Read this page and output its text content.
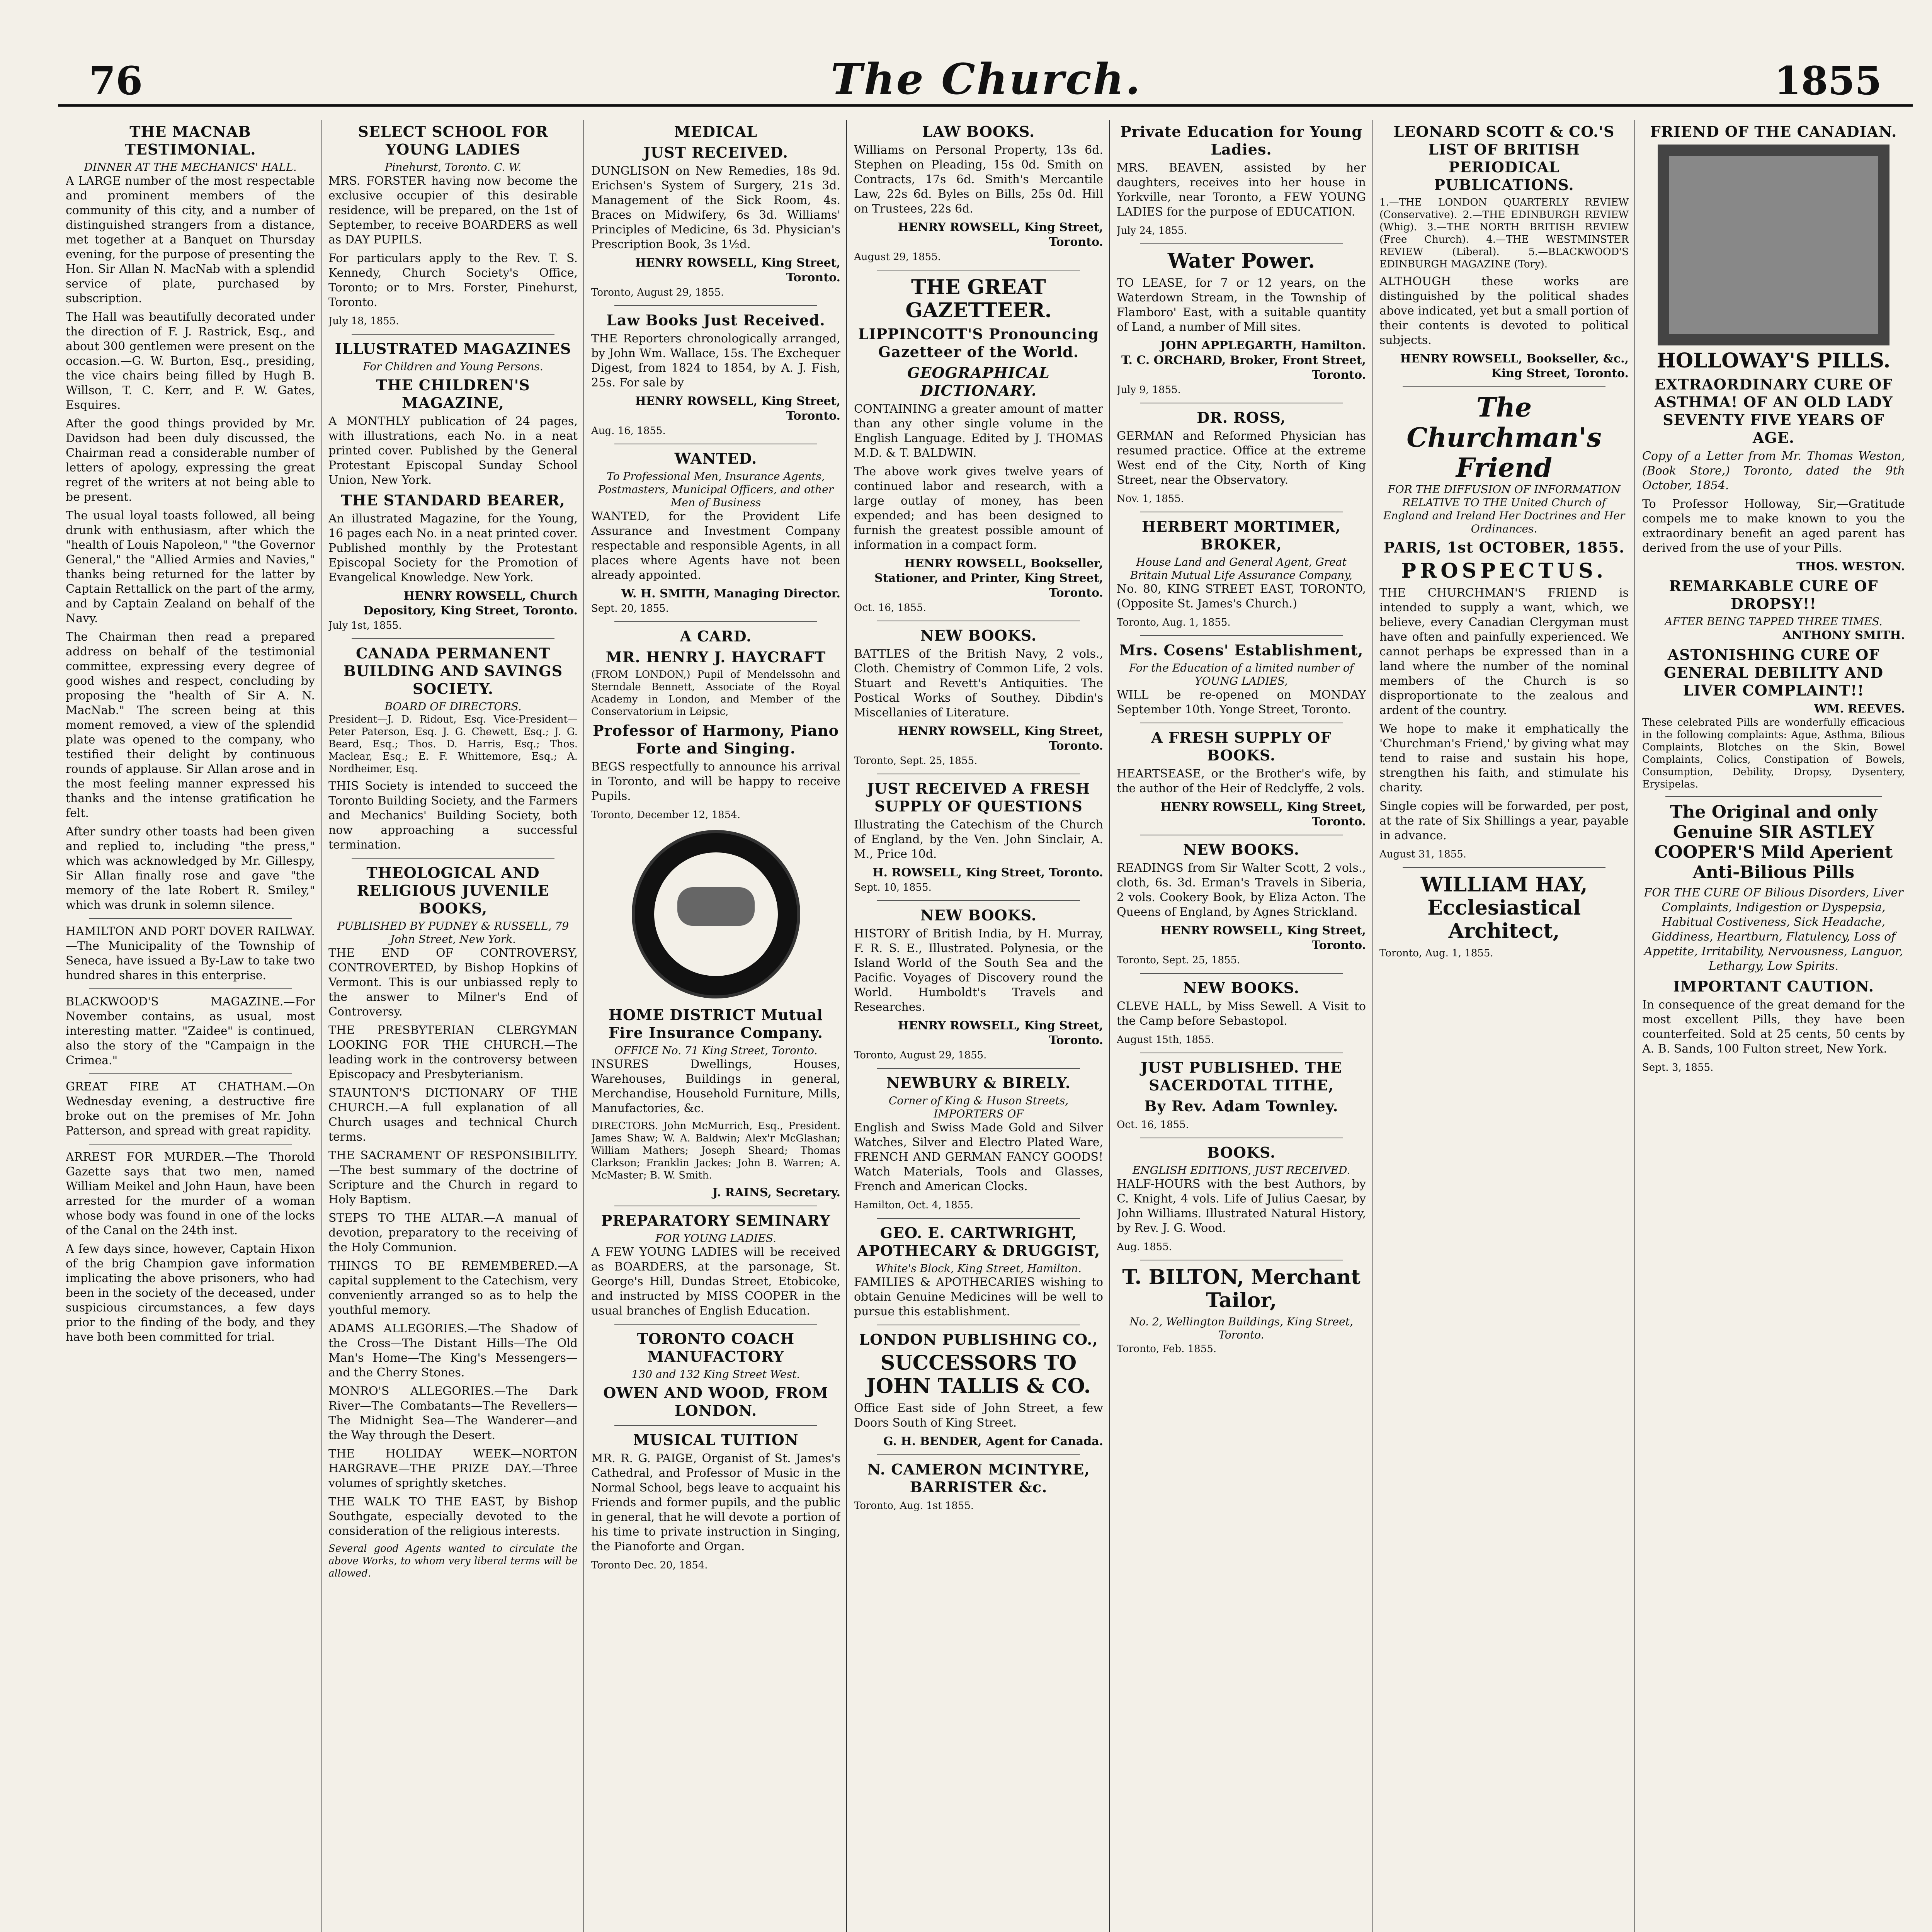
76	The Church.	1855
THE MACNAB TESTIMONIAL.
DINNER AT THE MECHANICS' HALL.

A LARGE number of the most respectable and prominent members of the community of this city, and a number of distinguished strangers from a distance, met together at a Banquet on Thursday evening, for the purpose of presenting the Hon. Sir Allan N. MacNab with a splendid service of plate, purchased by subscription.

The Hall was beautifully decorated under the direction of F. J. Rastrick, Esq., and about 300 gentlemen were present on the occasion.—G. W. Burton, Esq., presiding, the vice chairs being filled by Hugh B. Willson, T. C. Kerr, and F. W. Gates, Esquires.

After the good things provided by Mr. Davidson had been duly discussed, the Chairman read a considerable number of letters of apology, expressing the great regret of the writers at not being able to be present.

The usual loyal toasts followed, all being drunk with enthusiasm, after which the "health of Louis Napoleon," "the Governor General," the "Allied Armies and Navies," thanks being returned for the latter by Captain Rettallick on the part of the army, and by Captain Zealand on behalf of the Navy.

The Chairman then read a prepared address on behalf of the testimonial committee, expressing every degree of good wishes and respect, concluding by proposing the "health of Sir A. N. MacNab." The screen being at this moment removed, a view of the splendid plate was opened to the company, who testified their delight by continuous rounds of applause. Sir Allan arose and in the most feeling manner expressed his thanks and the intense gratification he felt.

After sundry other toasts had been given and replied to, including "the press," which was acknowledged by Mr. Gillespy, Sir Allan finally rose and gave "the memory of the late Robert R. Smiley," which was drunk in solemn silence.

HAMILTON AND PORT DOVER RAILWAY.—The Municipality of the Township of Seneca, have issued a By-Law to take two hundred shares in this enterprise.

BLACKWOOD'S MAGAZINE.—For November contains, as usual, most interesting matter. "Zaidee" is continued, also the story of the "Campaign in the Crimea."

GREAT FIRE AT CHATHAM.—On Wednesday evening, a destructive fire broke out on the premises of Mr. John Patterson, and spread with great rapidity.

ARREST FOR MURDER.—The Thorold Gazette says that two men, named William Meikel and John Haun, have been arrested for the murder of a woman whose body was found in one of the locks of the Canal on the 24th inst.

A few days since, however, Captain Hixon of the brig Champion gave information implicating the above prisoners, who had been in the society of the deceased, under suspicious circumstances, a few days prior to the finding of the body, and they have both been committed for trial.

SELECT SCHOOL FOR YOUNG LADIES
Pinehurst, Toronto. C. W.

MRS. FORSTER having now become the exclusive occupier of this desirable residence, will be prepared, on the 1st of September, to receive BOARDERS as well as DAY PUPILS.

For particulars apply to the Rev. T. S. Kennedy, Church Society's Office, Toronto; or to Mrs. Forster, Pinehurst, Toronto.

July 18, 1855.
ILLUSTRATED MAGAZINES
For Children and Young Persons.
THE CHILDREN'S MAGAZINE,

A MONTHLY publication of 24 pages, with illustrations, each No. in a neat printed cover. Published by the General Protestant Episcopal Sunday School Union, New York.

THE STANDARD BEARER,

An illustrated Magazine, for the Young, 16 pages each No. in a neat printed cover. Published monthly by the Protestant Episcopal Society for the Promotion of Evangelical Knowledge. New York.

HENRY ROWSELL, Church Depository, King Street, Toronto.
July 1st, 1855.
CANADA PERMANENT BUILDING AND SAVINGS SOCIETY.
BOARD OF DIRECTORS.

President—J. D. Ridout, Esq. Vice-President—Peter Paterson, Esq. J. G. Chewett, Esq.; J. G. Beard, Esq.; Thos. D. Harris, Esq.; Thos. Maclear, Esq.; E. F. Whittemore, Esq.; A. Nordheimer, Esq.

THIS Society is intended to succeed the Toronto Building Society, and the Farmers and Mechanics' Building Society, both now approaching a successful termination.

THEOLOGICAL AND RELIGIOUS JUVENILE BOOKS,
PUBLISHED BY PUDNEY & RUSSELL, 79 John Street, New York.

THE END OF CONTROVERSY, CONTROVERTED, by Bishop Hopkins of Vermont. This is our unbiassed reply to the answer to Milner's End of Controversy.

THE PRESBYTERIAN CLERGYMAN LOOKING FOR THE CHURCH.—The leading work in the controversy between Episcopacy and Presbyterianism.

STAUNTON'S DICTIONARY OF THE CHURCH.—A full explanation of all Church usages and technical Church terms.

THE SACRAMENT OF RESPONSIBILITY.—The best summary of the doctrine of Scripture and the Church in regard to Holy Baptism.

STEPS TO THE ALTAR.—A manual of devotion, preparatory to the receiving of the Holy Communion.

THINGS TO BE REMEMBERED.—A capital supplement to the Catechism, very conveniently arranged so as to help the youthful memory.

ADAMS ALLEGORIES.—The Shadow of the Cross—The Distant Hills—The Old Man's Home—The King's Messengers—and the Cherry Stones.

MONRO'S ALLEGORIES.—The Dark River—The Combatants—The Revellers—The Midnight Sea—The Wanderer—and the Way through the Desert.

THE HOLIDAY WEEK—NORTON HARGRAVE—THE PRIZE DAY.—Three volumes of sprightly sketches.

THE WALK TO THE EAST, by Bishop Southgate, especially devoted to the consideration of the religious interests.

Several good Agents wanted to circulate the above Works, to whom very liberal terms will be allowed.

MEDICAL
JUST RECEIVED.

DUNGLISON on New Remedies, 18s 9d. Erichsen's System of Surgery, 21s 3d. Management of the Sick Room, 4s. Braces on Midwifery, 6s 3d. Williams' Principles of Medicine, 6s 3d. Physician's Prescription Book, 3s 1½d.

HENRY ROWSELL, King Street, Toronto.
Toronto, August 29, 1855.
Law Books Just Received.

THE Reporters chronologically arranged, by John Wm. Wallace, 15s. The Exchequer Digest, from 1824 to 1854, by A. J. Fish, 25s. For sale by

HENRY ROWSELL, King Street, Toronto.
Aug. 16, 1855.
WANTED.
To Professional Men, Insurance Agents, Postmasters, Municipal Officers, and other Men of Business

WANTED, for the Provident Life Assurance and Investment Company respectable and responsible Agents, in all places where Agents have not been already appointed.

W. H. SMITH, Managing Director.
Sept. 20, 1855.
A CARD.
MR. HENRY J. HAYCRAFT

(FROM LONDON,) Pupil of Mendelssohn and Sterndale Bennett, Associate of the Royal Academy in London, and Member of the Conservatorium in Leipsic,

Professor of Harmony, Piano Forte and Singing.

BEGS respectfully to announce his arrival in Toronto, and will be happy to receive Pupils.

Toronto, December 12, 1854.
HOME DISTRICT Mutual Fire Insurance Company.
OFFICE No. 71 King Street, Toronto.

INSURES Dwellings, Houses, Warehouses, Buildings in general, Merchandise, Household Furniture, Mills, Manufactories, &c.

DIRECTORS. John McMurrich, Esq., President. James Shaw; W. A. Baldwin; Alex'r McGlashan; William Mathers; Joseph Sheard; Thomas Clarkson; Franklin Jackes; John B. Warren; A. McMaster; B. W. Smith.

J. RAINS, Secretary.
PREPARATORY SEMINARY
FOR YOUNG LADIES.

A FEW YOUNG LADIES will be received as BOARDERS, at the parsonage, St. George's Hill, Dundas Street, Etobicoke, and instructed by MISS COOPER in the usual branches of English Education.

TORONTO COACH MANUFACTORY
130 and 132 King Street West.
OWEN AND WOOD, FROM LONDON.
MUSICAL TUITION

MR. R. G. PAIGE, Organist of St. James's Cathedral, and Professor of Music in the Normal School, begs leave to acquaint his Friends and former pupils, and the public in general, that he will devote a portion of his time to private instruction in Singing, the Pianoforte and Organ.

Toronto Dec. 20, 1854.
LAW BOOKS.

Williams on Personal Property, 13s 6d. Stephen on Pleading, 15s 0d. Smith on Contracts, 17s 6d. Smith's Mercantile Law, 22s 6d. Byles on Bills, 25s 0d. Hill on Trustees, 22s 6d.

HENRY ROWSELL, King Street, Toronto.
August 29, 1855.
THE GREAT GAZETTEER.
LIPPINCOTT'S Pronouncing Gazetteer of the World.
GEOGRAPHICAL DICTIONARY.

CONTAINING a greater amount of matter than any other single volume in the English Language. Edited by J. THOMAS M.D. & T. BALDWIN.

The above work gives twelve years of continued labor and research, with a large outlay of money, has been expended; and has been designed to furnish the greatest possible amount of information in a compact form.

HENRY ROWSELL, Bookseller, Stationer, and Printer, King Street, Toronto.
Oct. 16, 1855.
NEW BOOKS.

BATTLES of the British Navy, 2 vols., Cloth. Chemistry of Common Life, 2 vols. Stuart and Revett's Antiquities. The Postical Works of Southey. Dibdin's Miscellanies of Literature.

HENRY ROWSELL, King Street, Toronto.
Toronto, Sept. 25, 1855.
JUST RECEIVED A FRESH SUPPLY OF QUESTIONS

Illustrating the Catechism of the Church of England, by the Ven. John Sinclair, A. M., Price 10d.

H. ROWSELL, King Street, Toronto.
Sept. 10, 1855.
NEW BOOKS.

HISTORY of British India, by H. Murray, F. R. S. E., Illustrated. Polynesia, or the Island World of the South Sea and the Pacific. Voyages of Discovery round the World. Humboldt's Travels and Researches.

HENRY ROWSELL, King Street, Toronto.
Toronto, August 29, 1855.
NEWBURY & BIRELY.
Corner of King & Huson Streets, IMPORTERS OF

English and Swiss Made Gold and Silver Watches, Silver and Electro Plated Ware, FRENCH AND GERMAN FANCY GOODS! Watch Materials, Tools and Glasses, French and American Clocks.

Hamilton, Oct. 4, 1855.
GEO. E. CARTWRIGHT, APOTHECARY & DRUGGIST,
White's Block, King Street, Hamilton.

FAMILIES & APOTHECARIES wishing to obtain Genuine Medicines will be well to pursue this establishment.

LONDON PUBLISHING CO.,
SUCCESSORS TO JOHN TALLIS & CO.

Office East side of John Street, a few Doors South of King Street.

G. H. BENDER, Agent for Canada.
N. CAMERON MCINTYRE, BARRISTER &c.
Toronto, Aug. 1st 1855.
Private Education for Young Ladies.

MRS. BEAVEN, assisted by her daughters, receives into her house in Yorkville, near Toronto, a FEW YOUNG LADIES for the purpose of EDUCATION.

July 24, 1855.
Water Power.

TO LEASE, for 7 or 12 years, on the Waterdown Stream, in the Township of Flamboro' East, with a suitable quantity of Land, a number of Mill sites.

JOHN APPLEGARTH, Hamilton.
T. C. ORCHARD, Broker, Front Street, Toronto.
July 9, 1855.
DR. ROSS,

GERMAN and Reformed Physician has resumed practice. Office at the extreme West end of the City, North of King Street, near the Observatory.

Nov. 1, 1855.
HERBERT MORTIMER, BROKER,
House Land and General Agent, Great Britain Mutual Life Assurance Company,

No. 80, KING STREET EAST, TORONTO, (Opposite St. James's Church.)

Toronto, Aug. 1, 1855.
Mrs. Cosens' Establishment,
For the Education of a limited number of YOUNG LADIES,

WILL be re-opened on MONDAY September 10th. Yonge Street, Toronto.

A FRESH SUPPLY OF BOOKS.

HEARTSEASE, or the Brother's wife, by the author of the Heir of Redclyffe, 2 vols.

HENRY ROWSELL, King Street, Toronto.
NEW BOOKS.

READINGS from Sir Walter Scott, 2 vols., cloth, 6s. 3d. Erman's Travels in Siberia, 2 vols. Cookery Book, by Eliza Acton. The Queens of England, by Agnes Strickland.

HENRY ROWSELL, King Street, Toronto.
Toronto, Sept. 25, 1855.
NEW BOOKS.

CLEVE HALL, by Miss Sewell. A Visit to the Camp before Sebastopol.

August 15th, 1855.
JUST PUBLISHED. THE SACERDOTAL TITHE,
By Rev. Adam Townley.
Oct. 16, 1855.
BOOKS.
ENGLISH EDITIONS, JUST RECEIVED.

HALF-HOURS with the best Authors, by C. Knight, 4 vols. Life of Julius Caesar, by John Williams. Illustrated Natural History, by Rev. J. G. Wood.

Aug. 1855.
T. BILTON, Merchant Tailor,
No. 2, Wellington Buildings, King Street, Toronto.
Toronto, Feb. 1855.
LEONARD SCOTT & CO.'S LIST OF BRITISH PERIODICAL PUBLICATIONS.

1.—THE LONDON QUARTERLY REVIEW (Conservative). 2.—THE EDINBURGH REVIEW (Whig). 3.—THE NORTH BRITISH REVIEW (Free Church). 4.—THE WESTMINSTER REVIEW (Liberal). 5.—BLACKWOOD'S EDINBURGH MAGAZINE (Tory).

ALTHOUGH these works are distinguished by the political shades above indicated, yet but a small portion of their contents is devoted to political subjects.

HENRY ROWSELL, Bookseller, &c., King Street, Toronto.
The Churchman's Friend
FOR THE DIFFUSION OF INFORMATION RELATIVE TO THE United Church of England and Ireland Her Doctrines and Her Ordinances.
PARIS, 1st OCTOBER, 1855.
PROSPECTUS.

THE CHURCHMAN'S FRIEND is intended to supply a want, which, we believe, every Canadian Clergyman must have often and painfully experienced. We cannot perhaps be expressed than in a land where the number of the nominal members of the Church is so disproportionate to the zealous and ardent of the country.

We hope to make it emphatically the 'Churchman's Friend,' by giving what may tend to raise and sustain his hope, strengthen his faith, and stimulate his charity.

Single copies will be forwarded, per post, at the rate of Six Shillings a year, payable in advance.

August 31, 1855.
WILLIAM HAY, Ecclesiastical Architect,
Toronto, Aug. 1, 1855.
FRIEND OF THE CANADIAN.
HOLLOWAY'S PILLS.
EXTRAORDINARY CURE OF ASTHMA! OF AN OLD LADY SEVENTY FIVE YEARS OF AGE.

Copy of a Letter from Mr. Thomas Weston, (Book Store,) Toronto, dated the 9th October, 1854.

To Professor Holloway, Sir,—Gratitude compels me to make known to you the extraordinary benefit an aged parent has derived from the use of your Pills.

THOS. WESTON.
REMARKABLE CURE OF DROPSY!!
AFTER BEING TAPPED THREE TIMES.
ANTHONY SMITH.
ASTONISHING CURE OF GENERAL DEBILITY AND LIVER COMPLAINT!!
WM. REEVES.

These celebrated Pills are wonderfully efficacious in the following complaints: Ague, Asthma, Bilious Complaints, Blotches on the Skin, Bowel Complaints, Colics, Constipation of Bowels, Consumption, Debility, Dropsy, Dysentery, Erysipelas.

The Original and only Genuine SIR ASTLEY COOPER'S Mild Aperient Anti-Bilious Pills

FOR THE CURE OF Bilious Disorders, Liver Complaints, Indigestion or Dyspepsia, Habitual Costiveness, Sick Headache, Giddiness, Heartburn, Flatulency, Loss of Appetite, Irritability, Nervousness, Languor, Lethargy, Low Spirits.

IMPORTANT CAUTION.

In consequence of the great demand for the most excellent Pills, they have been counterfeited. Sold at 25 cents, 50 cents by A. B. Sands, 100 Fulton street, New York.

Sept. 3, 1855.
